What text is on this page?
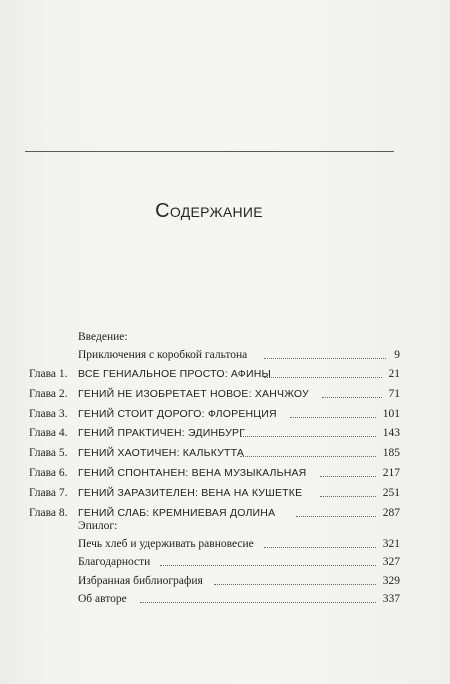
Содержание
Введение:
Приключения с коробкой гальтона	9
Глава 1. ВСЕ ГЕНИАЛЬНОЕ ПРОСТО: АФИНЫ	21
Глава 2. ГЕНИЙ НЕ ИЗОБРЕТАЕТ НОВОЕ: ХАНЧЖОУ	71
Глава 3. ГЕНИЙ СТОИТ ДОРОГО: ФЛОРЕНЦИЯ	101
Глава 4. ГЕНИЙ ПРАКТИЧЕН: ЭДИНБУРГ	143
Глава 5. ГЕНИЙ ХАОТИЧЕН: КАЛЬКУТТА	185
Глава 6. ГЕНИЙ СПОНТАНЕН: ВЕНА МУЗЫКАЛЬНАЯ	217
Глава 7. ГЕНИЙ ЗАРАЗИТЕЛЕН: ВЕНА НА КУШЕТКЕ	251
Глава 8. ГЕНИЙ СЛАБ: КРЕМНИЕВАЯ ДОЛИНА	287
Эпилог:
Печь хлеб и удерживать равновесие	321
Благодарности	327
Избранная библиография	329
Об авторе	337
